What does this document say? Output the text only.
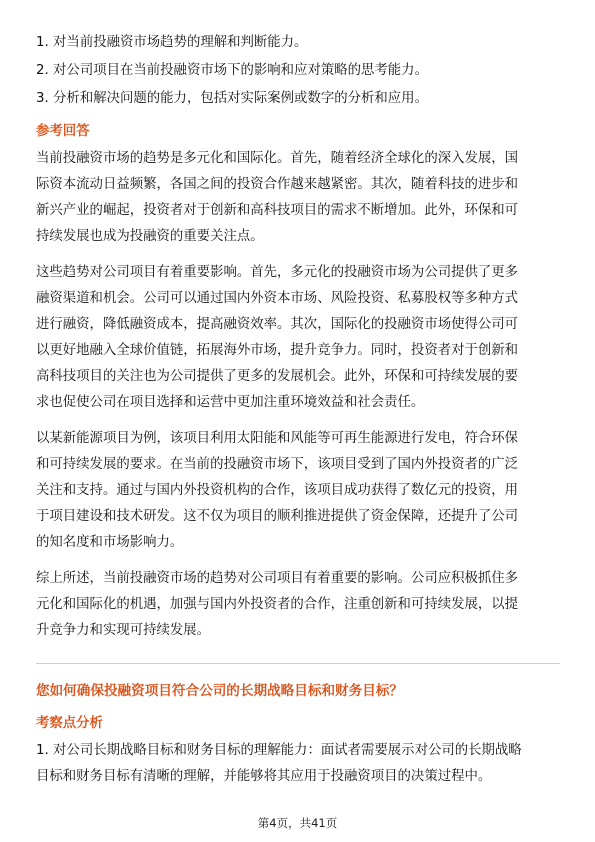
1. 对当前投融资市场趋势的理解和判断能力。
2. 对公司项目在当前投融资市场下的影响和应对策略的思考能力。
3. 分析和解决问题的能力，包括对实际案例或数字的分析和应用。
参考回答
当前投融资市场的趋势是多元化和国际化。首先，随着经济全球化的深入发展，国
际资本流动日益频繁，各国之间的投资合作越来越紧密。其次，随着科技的进步和
新兴产业的崛起，投资者对于创新和高科技项目的需求不断增加。此外，环保和可
持续发展也成为投融资的重要关注点。
这些趋势对公司项目有着重要影响。首先，多元化的投融资市场为公司提供了更多
融资渠道和机会。公司可以通过国内外资本市场、风险投资、私募股权等多种方式
进行融资，降低融资成本，提高融资效率。其次，国际化的投融资市场使得公司可
以更好地融入全球价值链，拓展海外市场，提升竞争力。同时，投资者对于创新和
高科技项目的关注也为公司提供了更多的发展机会。此外，环保和可持续发展的要
求也促使公司在项目选择和运营中更加注重环境效益和社会责任。
以某新能源项目为例，该项目利用太阳能和风能等可再生能源进行发电，符合环保
和可持续发展的要求。在当前的投融资市场下，该项目受到了国内外投资者的广泛
关注和支持。通过与国内外投资机构的合作，该项目成功获得了数亿元的投资，用
于项目建设和技术研发。这不仅为项目的顺利推进提供了资金保障，还提升了公司
的知名度和市场影响力。
综上所述，当前投融资市场的趋势对公司项目有着重要的影响。公司应积极抓住多
元化和国际化的机遇，加强与国内外投资者的合作，注重创新和可持续发展，以提
升竞争力和实现可持续发展。
您如何确保投融资项目符合公司的长期战略目标和财务目标？
考察点分析
1. 对公司长期战略目标和财务目标的理解能力：面试者需要展示对公司的长期战略
目标和财务目标有清晰的理解，并能够将其应用于投融资项目的决策过程中。
第4页，共41页
